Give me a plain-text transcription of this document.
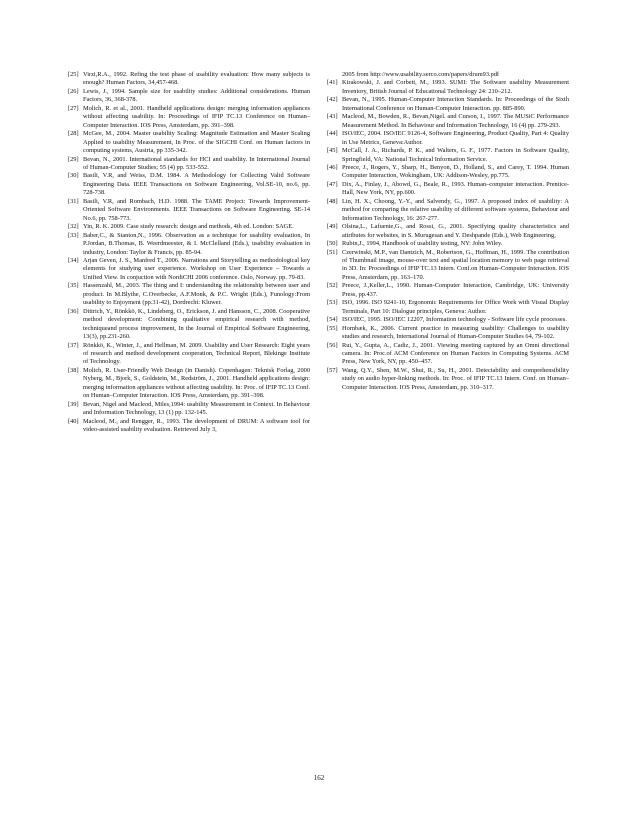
[25] Virzi,R.A., 1992. Refing the test phase of usability evaluation: How many subjects is enough? Human Factors, 34,457-468.
[26] Lewis, J., 1994. Sample size for usability studies: Additional considerations. Human Factors, 36, 368-378.
[27] Molich, R. et al., 2001. Handheld applications design: merging information appliances without affecting usability. In: Proceedings of IFIP TC.13 Conference on Human–Computer Interaction. IOS Press, Amsterdam, pp. 391–398.
[28] McGee, M., 2004. Master usability Scaling: Magnitude Estimation and Master Scaling Applied to usability Measurement, In Proc. of the SIGCHI Conf. on Human factors in computing systems, Austria, pp 335-342.
[29] Bevan, N., 2001. International standards for HCI and usability. In International Journal of Human-Computer Studies; 55 (4) pp. 533-552.
[30] Basili, V.R, and Weiss, D.M. 1984. A Methodology for Collecting Valid Software Engineering Data. IEEE Transactions on Software Engineering, Vol.SE-10, no.6, pp. 728-738.
[31] Basili, V.R, and Rombach, H.D. 1988. The TAME Project: Towards Improvement-Oriented Software Environments. IEEE Transactions on Software Engineering. SE-14 No.6, pp. 758-773.
[32] Yin, R. K. 2009. Case study research: design and methods, 4th ed. London: SAGE.
[33] Baber,C., & Stanton,N., 1996. Observation as a technique for usability evaluation, In P.Jordan, B.Thomas, B. Weerdmeester, & I. McClelland (Eds.), usability evaluation in industry, London: Taylor & Francis, pp. 85-94.
[34] Arjan Geven, J. S., Manfred T., 2006. Narrations and Storytelling as methodological key elements for studying user experience. Workshop on User Experience – Towards a Unified View. In conjuction with NordiCHI 2006 conference. Oslo, Norway. pp. 79-83.
[35] Hassenzahl, M., 2003. The thing and I: understanding the relationship between user and product. In M.Blythe, C.Overbecke, A.F.Monk, & P.C. Wright (Eds.), Funology:From usability to Enjoyment (pp.31-42), Dordrecht: Kluwer.
[36] Dittrich, Y., Rönkkö, K., Lindeberg, O., Erickson, J. and Hansson, C., 2008. Cooperative method development: Combining qualitative empirical research with method, techniqueand process improvement, In the Journal of Empirical Software Engineering, 13(3), pp.231-260.
[37] Rönkkö, K., Winter, J., and Hellman, M. 2009. Usability and User Research: Eight years of research and method development cooperation, Technical Report, Blekinge Institute of Technology.
[38] Molich, R. User-Friendly Web Design (in Danish). Copenhagen: Teknisk Forlag, 2000 Nyberg, M., Bjork, S., Goldstein, M., Redström, J., 2001. Handheld applications design: merging information appliances without affecting usability. In: Proc. of IFIP TC.13 Conf. on Human–Computer Interaction. IOS Press, Amsterdam, pp. 391–398.
[39] Bevan, Nigel and Macleod, Miles,1994: usability Measurement in Context. In Behaviour and Information Technology, 13 (1) pp. 132-145.
[40] Macleod, M., and Rengger, R., 1993. The development of DRUM: A software tool for video-assisted usability evaluation. Retrieved July 3,
2005 from http://www.usability.serco.com/papers/drum93.pdf
[41] Kirakowski, J. and Corbett, M., 1993. SUMI: The Software usability Measurement Inventory, British Journal of Educational Technology 24: 210–212.
[42] Bevan, N., 1995. Human-Computer Interaction Standards. In: Proceedings of the Sixth International Conference on Human-Computer Interaction. pp. 885-890.
[43] Macleod, M., Bowden, R., Bevan,Nigel. and Curson, I., 1997. The MUSiC Performance Measurement Method. In Behaviour and Information Technology, 16 (4) pp. 279-293.
[44] ISO/IEC, 2004. ISO/IEC 9126-4, Software Engineering, Product Quality, Part 4: Quality in Use Metrics, Geneva:Author.
[45] McCall, J. A., Richards, P. K., and Walters, G. F., 1977. Factors in Software Quality, Springfield, VA: National Technical Information Service.
[46] Preece, J., Rogers, Y., Sharp, H., Benyon, D., Holland, S., and Carey, T. 1994. Human Computer Interaction, Wokingham, UK: Addison-Wesley, pp.775.
[47] Dix, A., Finlay, J., Abowd, G., Beale, R., 1993. Human–computer interaction. Prentice-Hall, New York, NY, pp.600.
[48] Lin, H. X., Choong, Y.-Y., and Salvendy, G., 1997. A proposed index of usability: A method for comparing the relative usability of different software systems, Behaviour and Information Technology, 16: 267-277.
[49] Olsina,L., Lafuente,G., and Rossi, G., 2001. Specifying quality characteristics and attributes for websites, in S. Murugesan and Y. Deshpande (Eds.), Web Engineering,
[50] Rubin,J., 1994, Handbook of usability testing, NY: John Wiley.
[51] Czerwinski, M.P., van Dantzich, M., Robertson, G., Hoffman, H., 1999. The contribution of Thumbnail image, mouse-over text and spatial location memory to web page retrieval in 3D. In: Proceedings of IFIP TC.13 Intern. Conf.on Human–Computer Interaction. IOS Press, Amsterdam, pp. 163–170.
[52] Preece, J.,Keller,L., 1990. Human-Computer Interaction, Cambridge, UK: University Press, pp.437.
[53] ISO, 1996. ISO 9241-10, Ergonomic Requirements for Office Work with Visual Display Terminals, Part 10: Dialogue principles, Geneva: Author.
[54] ISO/IEC, 1995. ISO/IEC 12207, Information technology - Software life cycle processes.
[55] Hornbæk, K., 2006. Current practice in measuring usability: Challenges to usability studies and research, International Journal of Human-Computer Studies 64, 79-102.
[56] Rui, Y., Gupta, A., Cadiz, J., 2001. Viewing meeting captured by an Omni directional camera. In: Proc.of ACM Conference on Human Factors in Computing Systems. ACM Press, New York, NY, pp. 450–457.
[57] Wang, Q.Y., Shen, M.W., Shui, R., Su, H., 2001. Detectability and comprehensibility study on audio hyper-linking methods. In: Proc. of IFIP TC.13 Intern. Conf. on Human–Computer Interaction. IOS Press, Amsterdam, pp. 310–317.
162
